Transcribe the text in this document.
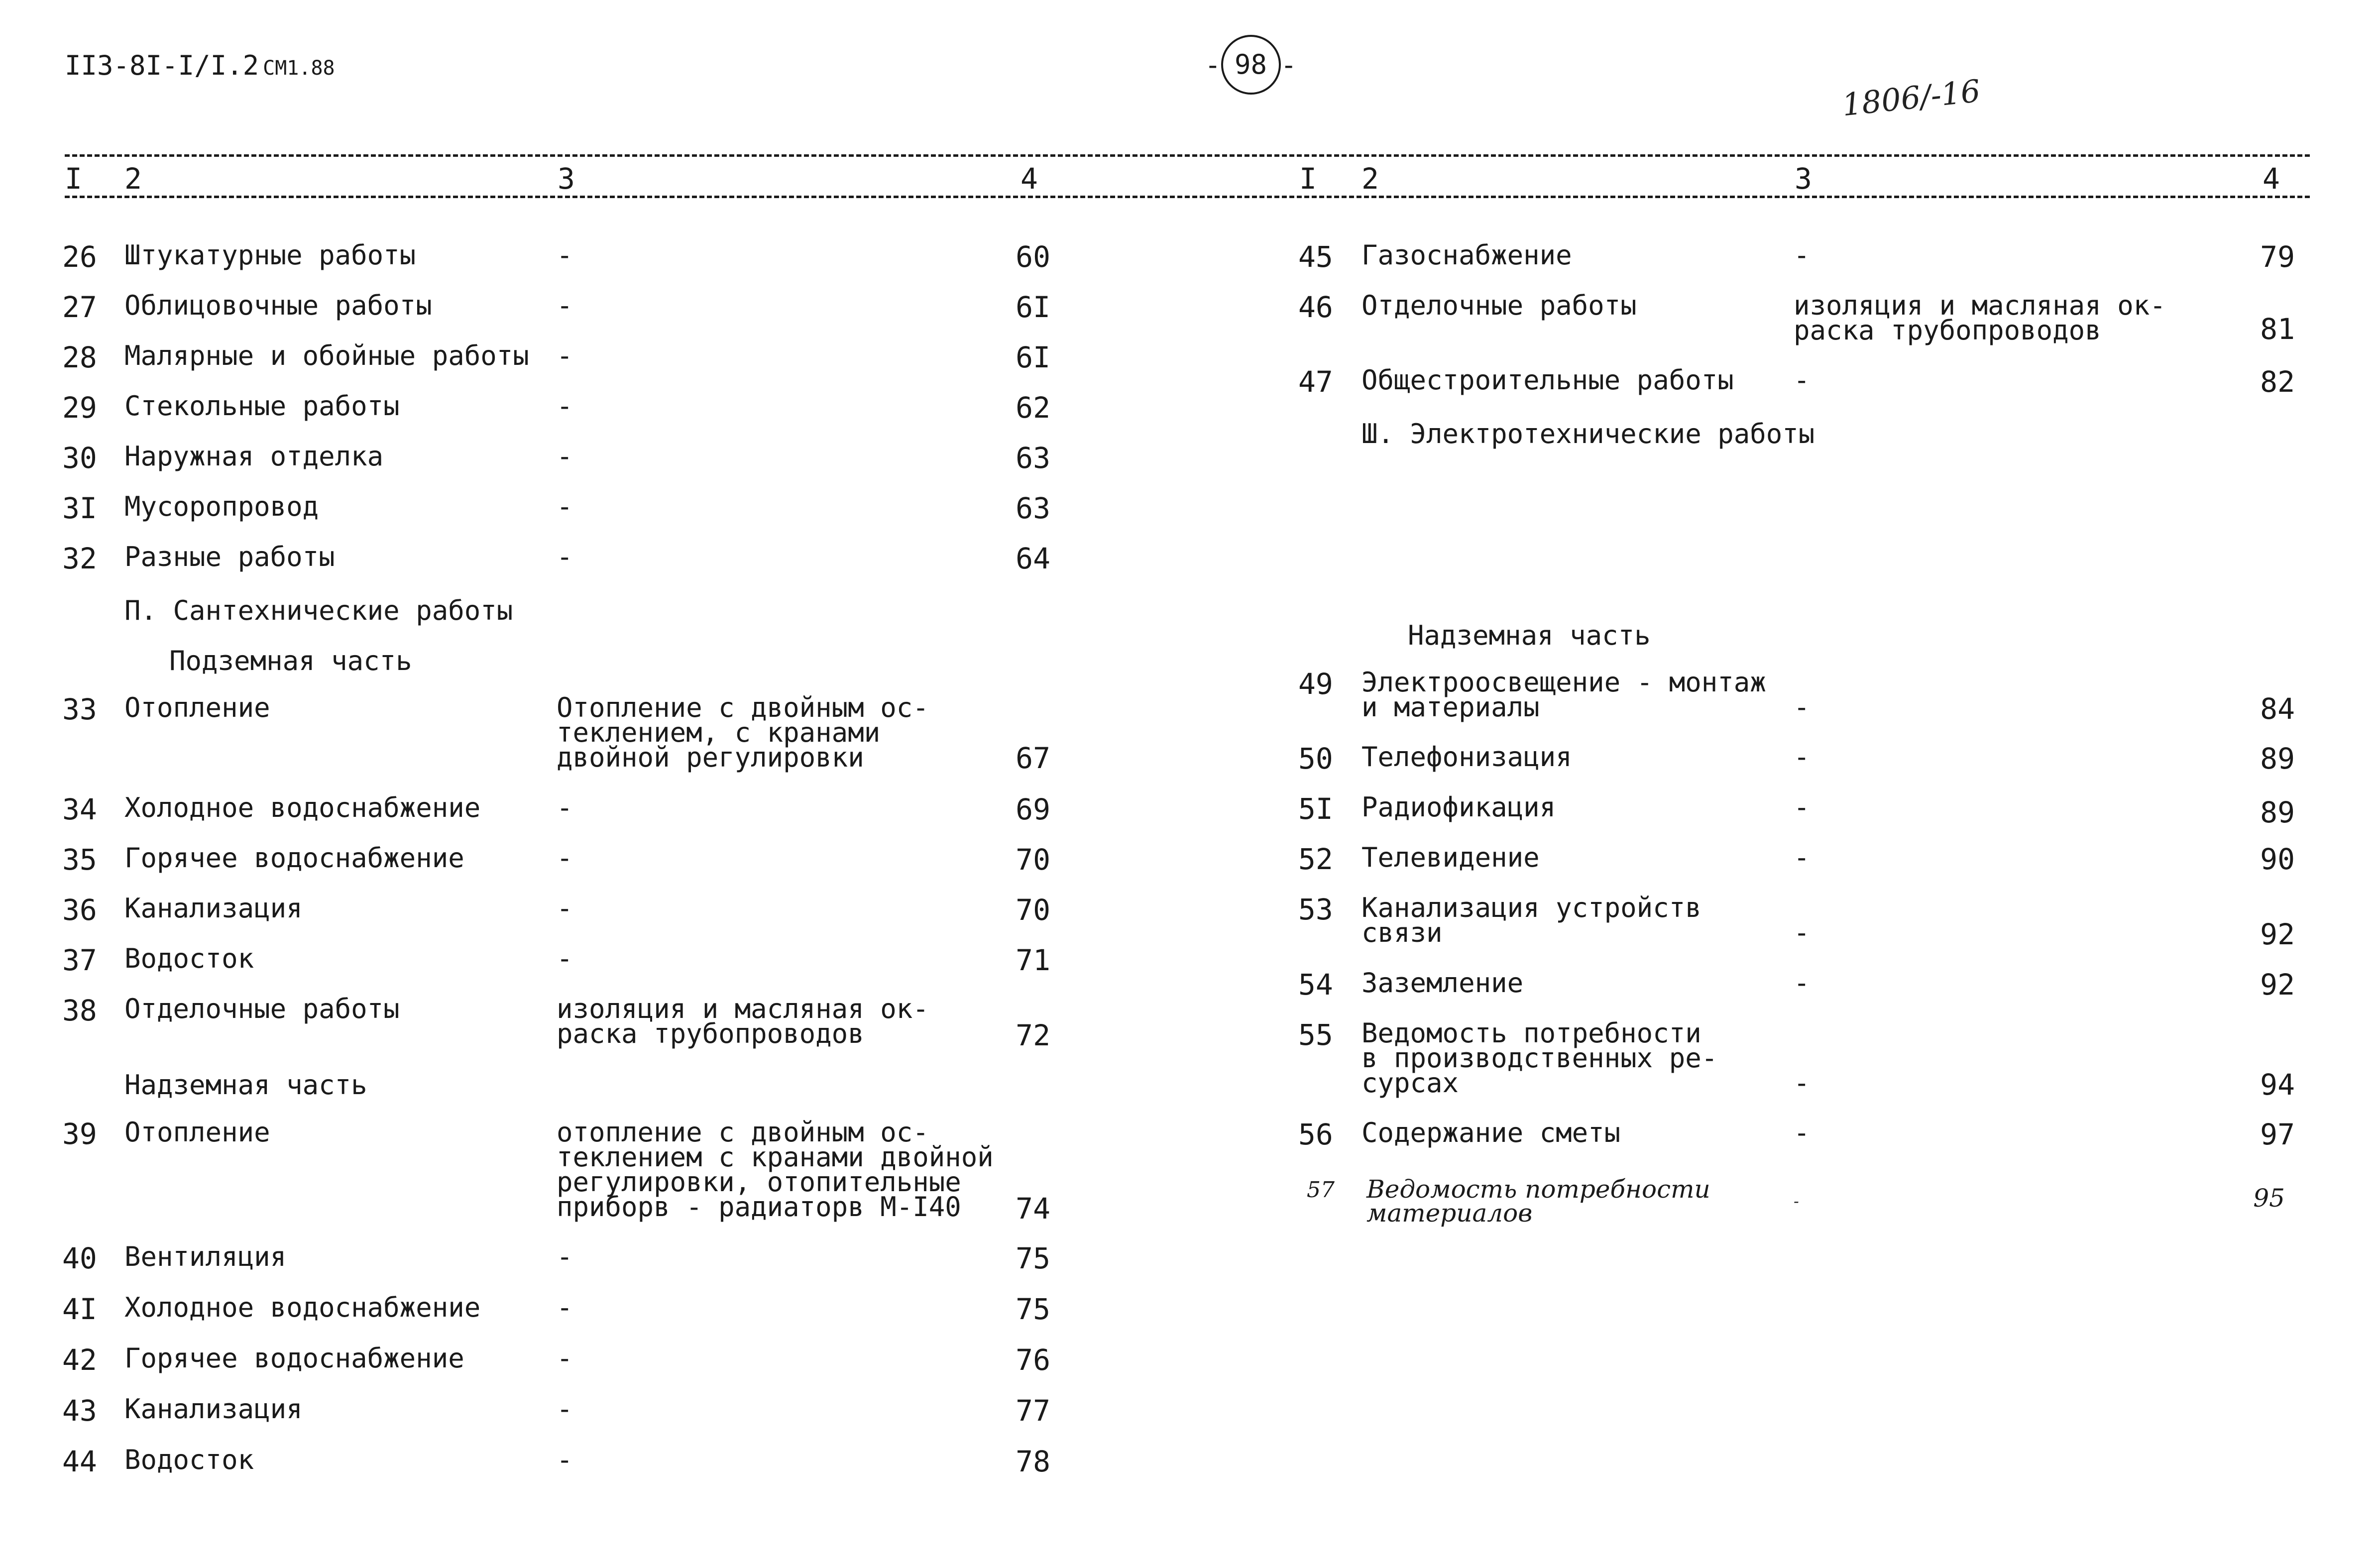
II3-8I-I/I.2 СМ1.88	- 98 -
1806/-16
I 2	3	4	I 2	3	4
26 Штукатурные работы	-	60
27 Облицовочные работы	-	6I
28 Малярные и обойные работы -	6I
29 Стекольные работы	-	62
30 Наружная отделка	-	63
3I Мусоропровод	-	63
32 Разные работы	-	64
П. Сантехнические работы
Подземная часть
33 Отопление	Отопление с двойным ос-
теклением, с кранами
двойной регулировки	67
34 Холодное водоснабжение	-	69
35 Горячее водоснабжение	-	70
36 Канализация	-	70
37 Водосток	-	71
38 Отделочные работы	изоляция и масляная ок-
раска трубопроводов	72
Надземная часть
39 Отопление	отопление с двойным ос-
теклением с кранами двойной
регулировки, отопительные
приборв - радиаторв М-I40	74
40 Вентиляция	-	75
4I Холодное водоснабжение	-	75
42 Горячее водоснабжение	-	76
43 Канализация	-	77
44 Водосток	-	78
45 Газоснабжение	-	79
46 Отделочные работы	изоляция и масляная ок-
раска трубопроводов	81
47 Общестроительные работы -	82
Ш. Электротехнические работы
Надземная часть
49 Электроосвещение - монтаж
и материалы	-	84
50 Телефонизация	-	89
5I Радиофикация	-	89
52 Телевидение	-	90
53 Канализация устройств
связи	-	92
54 Заземление	-	92
55 Ведомость потребности
в производственных ре-
сурсах	-	94
56 Содержание сметы	-	97
57 Ведомость потребности
материалов	-	95
